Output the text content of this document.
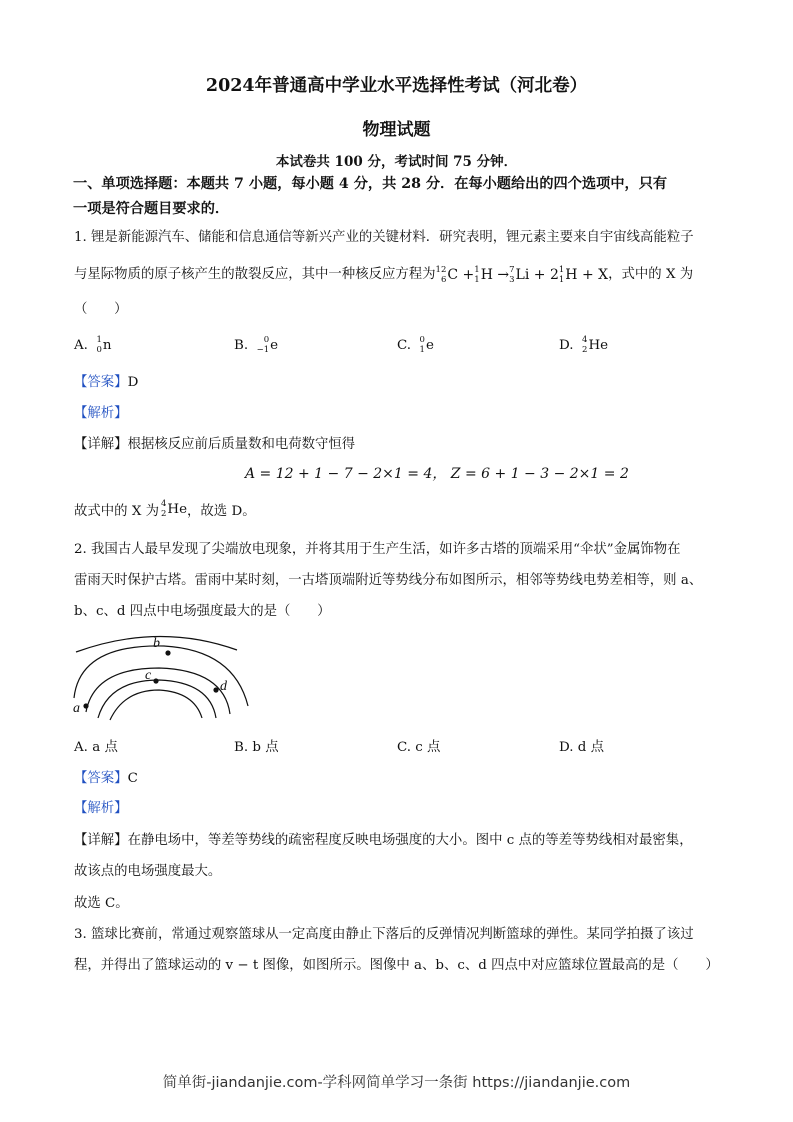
2024年普通高中学业水平选择性考试（河北卷）
物理试题
本试卷共 100 分，考试时间 75 分钟．
一、单项选择题：本题共 7 小题，每小题 4 分，共 28 分．在每小题给出的四个选项中，只有
一项是符合题目要求的．
1. 锂是新能源汽车、储能和信息通信等新兴产业的关键材料．研究表明，锂元素主要来自宇宙线高能粒子
与星际物质的原子核产生的散裂反应，其中一种核反应方程为 12
6 C + 1
1 H
→ 7
3 Li + 2 1
1 H + X ，式中的 X 为
（　　）
A.
1
0 n	B.
	0
−1 e	C.
0
1 e	D.
4
2 He
【答案】D
【解析】
【详解】根据核反应前后质量数和电荷数守恒得
A = 12 + 1 − 7 − 2×1 = 4， Z = 6 + 1 − 3 − 2×1 = 2
故式中的 X 为 4
2 He ，故选 D。
2. 我国古人最早发现了尖端放电现象，并将其用于生产生活，如许多古塔的顶端采用“伞状”金属饰物在
雷雨天时保护古塔。雷雨中某时刻，一古塔顶端附近等势线分布如图所示，相邻等势线电势差相等，则 a、
b、c、d 四点中电场强度最大的是（　　）
a
b
c
d
A. a 点	B. b 点	C. c 点	D. d 点
【答案】C
【解析】
【详解】在静电场中，等差等势线的疏密程度反映电场强度的大小。图中 c 点的等差等势线相对最密集，
故该点的电场强度最大。
故选 C。
3. 篮球比赛前，常通过观察篮球从一定高度由静止下落后的反弹情况判断篮球的弹性。某同学拍摄了该过
程，并得出了篮球运动的 v − t 图像，如图所示。图像中 a、b、c、d 四点中对应篮球位置最高的是（　　）
简单街-jiandanjie.com-学科网简单学习一条街 https://jiandanjie.com
